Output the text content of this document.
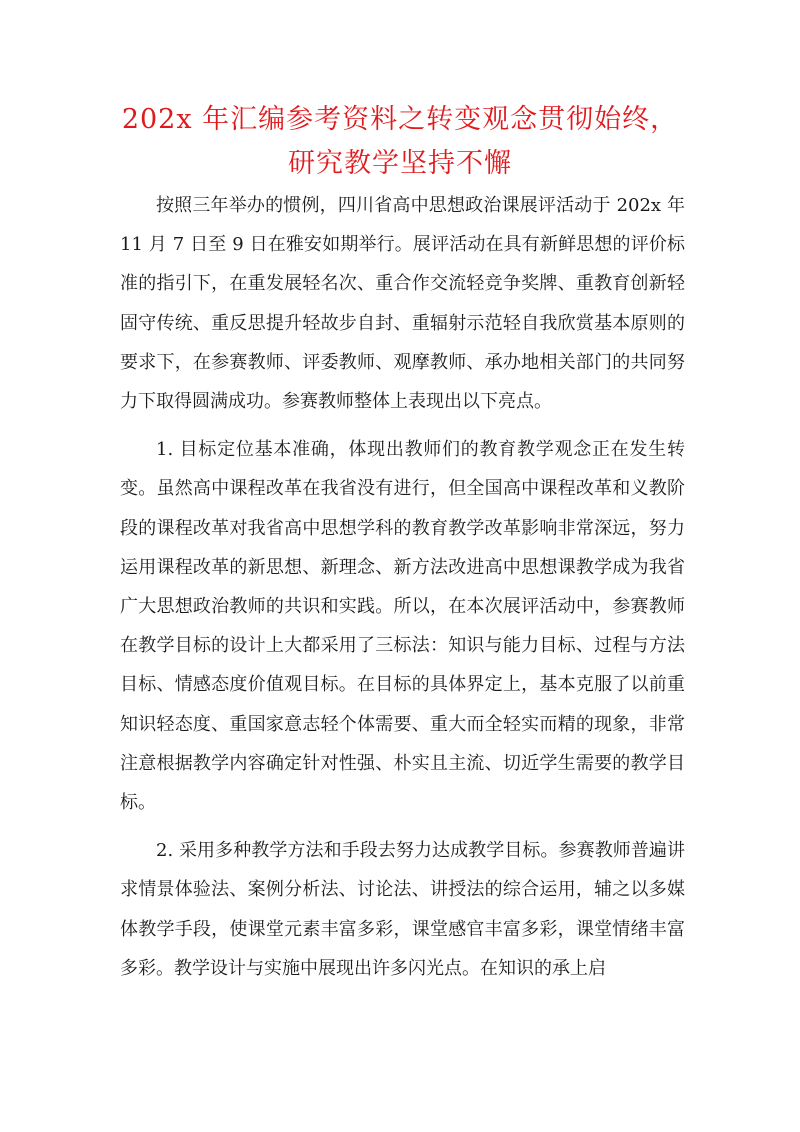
202x 年汇编参考资料之转变观念贯彻始终，
研究教学坚持不懈

按照三年举办的惯例，四川省高中思想政治课展评活动于 202x 年 11 月 7 日至 9 日在雅安如期举行。展评活动在具有新鲜思想的评价标准的指引下，在重发展轻名次、重合作交流轻竞争奖牌、重教育创新轻固守传统、重反思提升轻故步自封、重辐射示范轻自我欣赏基本原则的要求下，在参赛教师、评委教师、观摩教师、承办地相关部门的共同努力下取得圆满成功。参赛教师整体上表现出以下亮点。

1. 目标定位基本准确，体现出教师们的教育教学观念正在发生转变。虽然高中课程改革在我省没有进行，但全国高中课程改革和义教阶段的课程改革对我省高中思想学科的教育教学改革影响非常深远，努力运用课程改革的新思想、新理念、新方法改进高中思想课教学成为我省广大思想政治教师的共识和实践。所以，在本次展评活动中，参赛教师在教学目标的设计上大都采用了三标法：知识与能力目标、过程与方法目标、情感态度价值观目标。在目标的具体界定上，基本克服了以前重知识轻态度、重国家意志轻个体需要、重大而全轻实而精的现象，非常注意根据教学内容确定针对性强、朴实且主流、切近学生需要的教学目标。

2. 采用多种教学方法和手段去努力达成教学目标。参赛教师普遍讲求情景体验法、案例分析法、讨论法、讲授法的综合运用，辅之以多媒体教学手段，使课堂元素丰富多彩，课堂感官丰富多彩，课堂情绪丰富多彩。教学设计与实施中展现出许多闪光点。在知识的承上启
